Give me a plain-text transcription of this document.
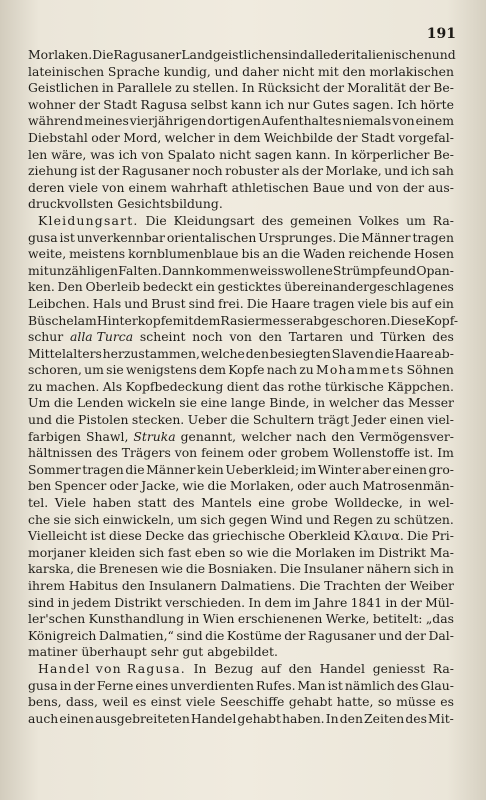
191
Morlaken. Die Ragusaner Landgeistlichen sind alle der italienischen und
lateinischen Sprache kundig, und daher nicht mit den morlakischen
Geistlichen in Parallele zu stellen. In Rücksicht der Moralität der Be-
wohner der Stadt Ragusa selbst kann ich nur Gutes sagen. Ich hörte
während meines vierjährigen dortigen Aufenthaltes niemals von einem
Diebstahl oder Mord, welcher in dem Weichbilde der Stadt vorgefal-
len wäre, was ich von Spalato nicht sagen kann. In körperlicher Be-
ziehung ist der Ragusaner noch robuster als der Morlake, und ich sah
deren viele von einem wahrhaft athletischen Baue und von der aus-
druckvollsten Gesichtsbildung.
Kleidungsart. Die Kleidungsart des gemeinen Volkes um Ra-
gusa ist unverkennbar orientalischen Ursprunges. Die Männer tragen
weite, meistens kornblumenblaue bis an die Waden reichende Hosen
mit unzähligen Falten. Dann kommen weisswollene Strümpfe und Opan-
ken. Den Oberleib bedeckt ein gesticktes übereinandergeschlagenes
Leibchen. Hals und Brust sind frei. Die Haare tragen viele bis auf ein
Büschel am Hinterkopfe mit dem Rasiermesser abgeschoren. Diese Kopf-
schur alla Turca scheint noch von den Tartaren und Türken des
Mittelalters herzustammen, welche den besiegten Slaven die Haare ab-
schoren, um sie wenigstens dem Kopfe nach zu Mohammets Söhnen
zu machen. Als Kopfbedeckung dient das rothe türkische Käppchen.
Um die Lenden wickeln sie eine lange Binde, in welcher das Messer
und die Pistolen stecken. Ueber die Schultern trägt Jeder einen viel-
farbigen Shawl, Struka genannt, welcher nach den Vermögensver-
hältnissen des Trägers von feinem oder grobem Wollenstoffe ist. Im
Sommer tragen die Männer kein Ueberkleid; im Winter aber einen gro-
ben Spencer oder Jacke, wie die Morlaken, oder auch Matrosenmän-
tel. Viele haben statt des Mantels eine grobe Wolldecke, in wel-
che sie sich einwickeln, um sich gegen Wind und Regen zu schützen.
Vielleicht ist diese Decke das griechische Oberkleid Κλαινα. Die Pri-
morjaner kleiden sich fast eben so wie die Morlaken im Distrikt Ma-
karska, die Brenesen wie die Bosniaken. Die Insulaner nähern sich in
ihrem Habitus den Insulanern Dalmatiens. Die Trachten der Weiber
sind in jedem Distrikt verschieden. In dem im Jahre 1841 in der Mül-
ler'schen Kunsthandlung in Wien erschienenen Werke, betitelt: „das
Königreich Dalmatien,“ sind die Kostüme der Ragusaner und der Dal-
matiner überhaupt sehr gut abgebildet.
Handel von Ragusa. In Bezug auf den Handel geniesst Ra-
gusa in der Ferne eines unverdienten Rufes. Man ist nämlich des Glau-
bens, dass, weil es einst viele Seeschiffe gehabt hatte, so müsse es
auch einen ausgebreiteten Handel gehabt haben. In den Zeiten des Mit-
